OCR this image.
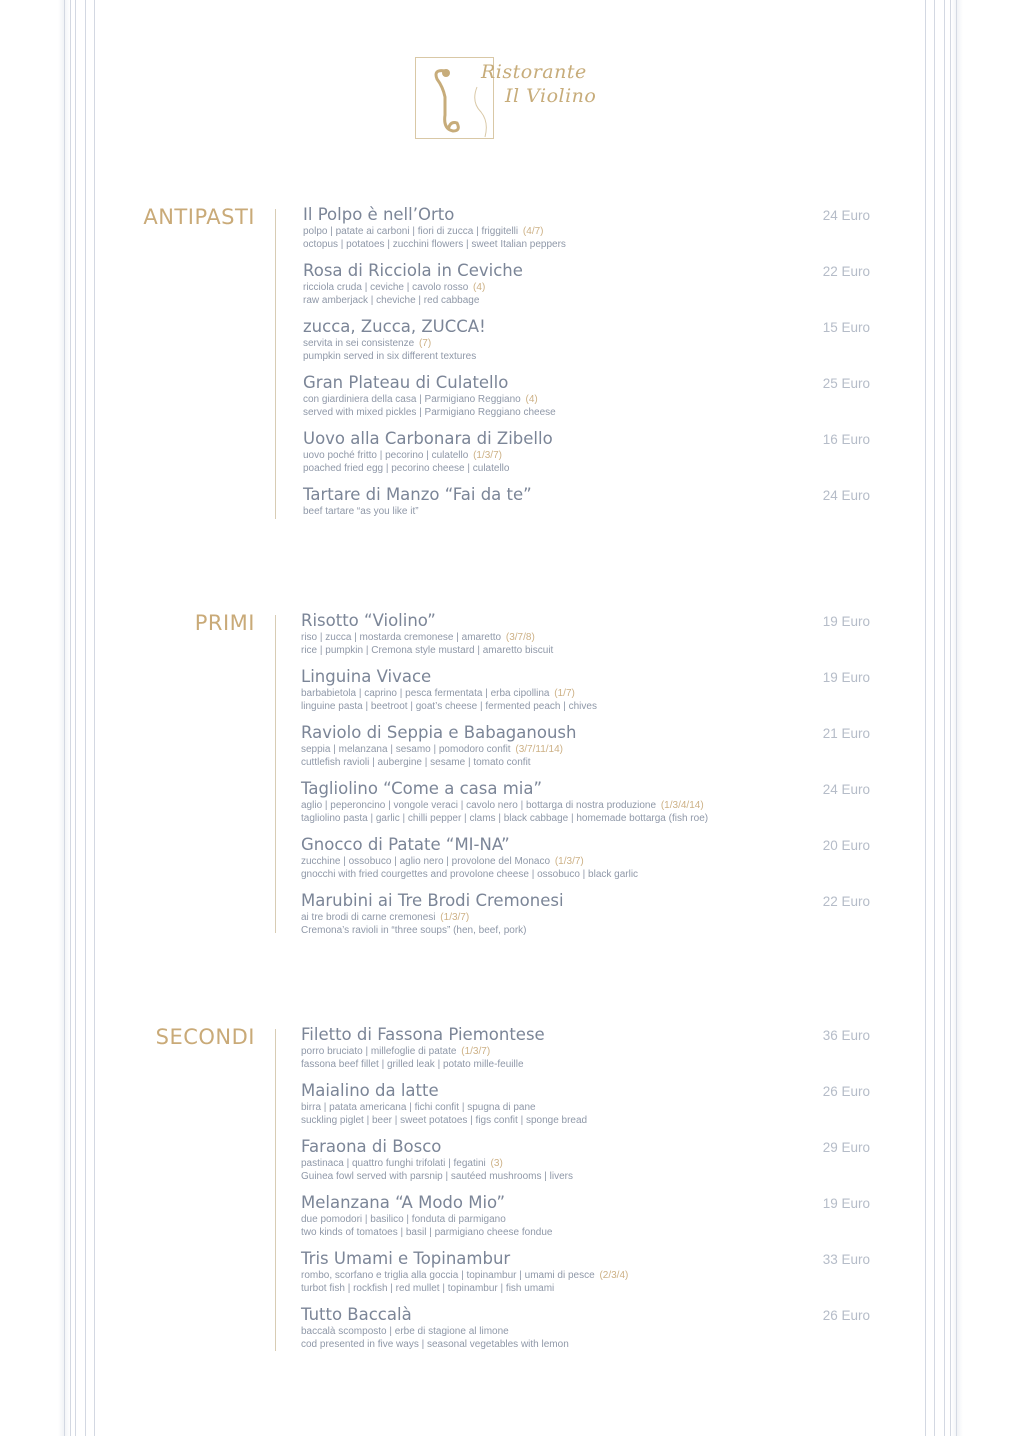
Ristorante
Il Violino
ANTIPASTI	Il Polpo è nell’Orto	24 Euro
polpo | patate ai carboni | fiori di zucca | friggitelli (4/7)
octopus | potatoes | zucchini flowers | sweet Italian peppers
Rosa di Ricciola in Ceviche	22 Euro
ricciola cruda | ceviche | cavolo rosso (4)
raw amberjack | cheviche | red cabbage
zucca, Zucca, ZUCCA!	15 Euro
servita in sei consistenze (7)
pumpkin served in six different textures
Gran Plateau di Culatello	25 Euro
con giardiniera della casa | Parmigiano Reggiano (4)
served with mixed pickles | Parmigiano Reggiano cheese
Uovo alla Carbonara di Zibello	16 Euro
uovo poché fritto | pecorino | culatello (1/3/7)
poached fried egg | pecorino cheese | culatello
Tartare di Manzo “Fai da te”	24 Euro
beef tartare “as you like it”
PRIMI	Risotto “Violino”	19 Euro
riso | zucca | mostarda cremonese | amaretto (3/7/8)
rice | pumpkin | Cremona style mustard | amaretto biscuit
Linguina Vivace	19 Euro
barbabietola | caprino | pesca fermentata | erba cipollina (1/7)
linguine pasta | beetroot | goat’s cheese | fermented peach | chives
Raviolo di Seppia e Babaganoush	21 Euro
seppia | melanzana | sesamo | pomodoro confit (3/7/11/14)
cuttlefish ravioli | aubergine | sesame | tomato confit
Tagliolino “Come a casa mia”	24 Euro
aglio | peperoncino | vongole veraci | cavolo nero | bottarga di nostra produzione (1/3/4/14)
tagliolino pasta | garlic | chilli pepper | clams | black cabbage | homemade bottarga (fish roe)
Gnocco di Patate “MI-NA”	20 Euro
zucchine | ossobuco | aglio nero | provolone del Monaco (1/3/7)
gnocchi with fried courgettes and provolone cheese | ossobuco | black garlic
Marubini ai Tre Brodi Cremonesi	22 Euro
ai tre brodi di carne cremonesi (1/3/7)
Cremona’s ravioli in “three soups” (hen, beef, pork)
SECONDI	Filetto di Fassona Piemontese	36 Euro
porro bruciato | millefoglie di patate (1/3/7)
fassona beef fillet | grilled leak | potato mille-feuille
Maialino da latte	26 Euro
birra | patata americana | fichi confit | spugna di pane
suckling piglet | beer | sweet potatoes | figs confit | sponge bread
Faraona di Bosco	29 Euro
pastinaca | quattro funghi trifolati | fegatini (3)
Guinea fowl served with parsnip | sautéed mushrooms | livers
Melanzana “A Modo Mio”	19 Euro
due pomodori | basilico | fonduta di parmigano
two kinds of tomatoes | basil | parmigiano cheese fondue
Tris Umami e Topinambur	33 Euro
rombo, scorfano e triglia alla goccia | topinambur | umami di pesce (2/3/4)
turbot fish | rockfish | red mullet | topinambur | fish umami
Tutto Baccalà	26 Euro
baccalà scomposto | erbe di stagione al limone
cod presented in five ways | seasonal vegetables with lemon
